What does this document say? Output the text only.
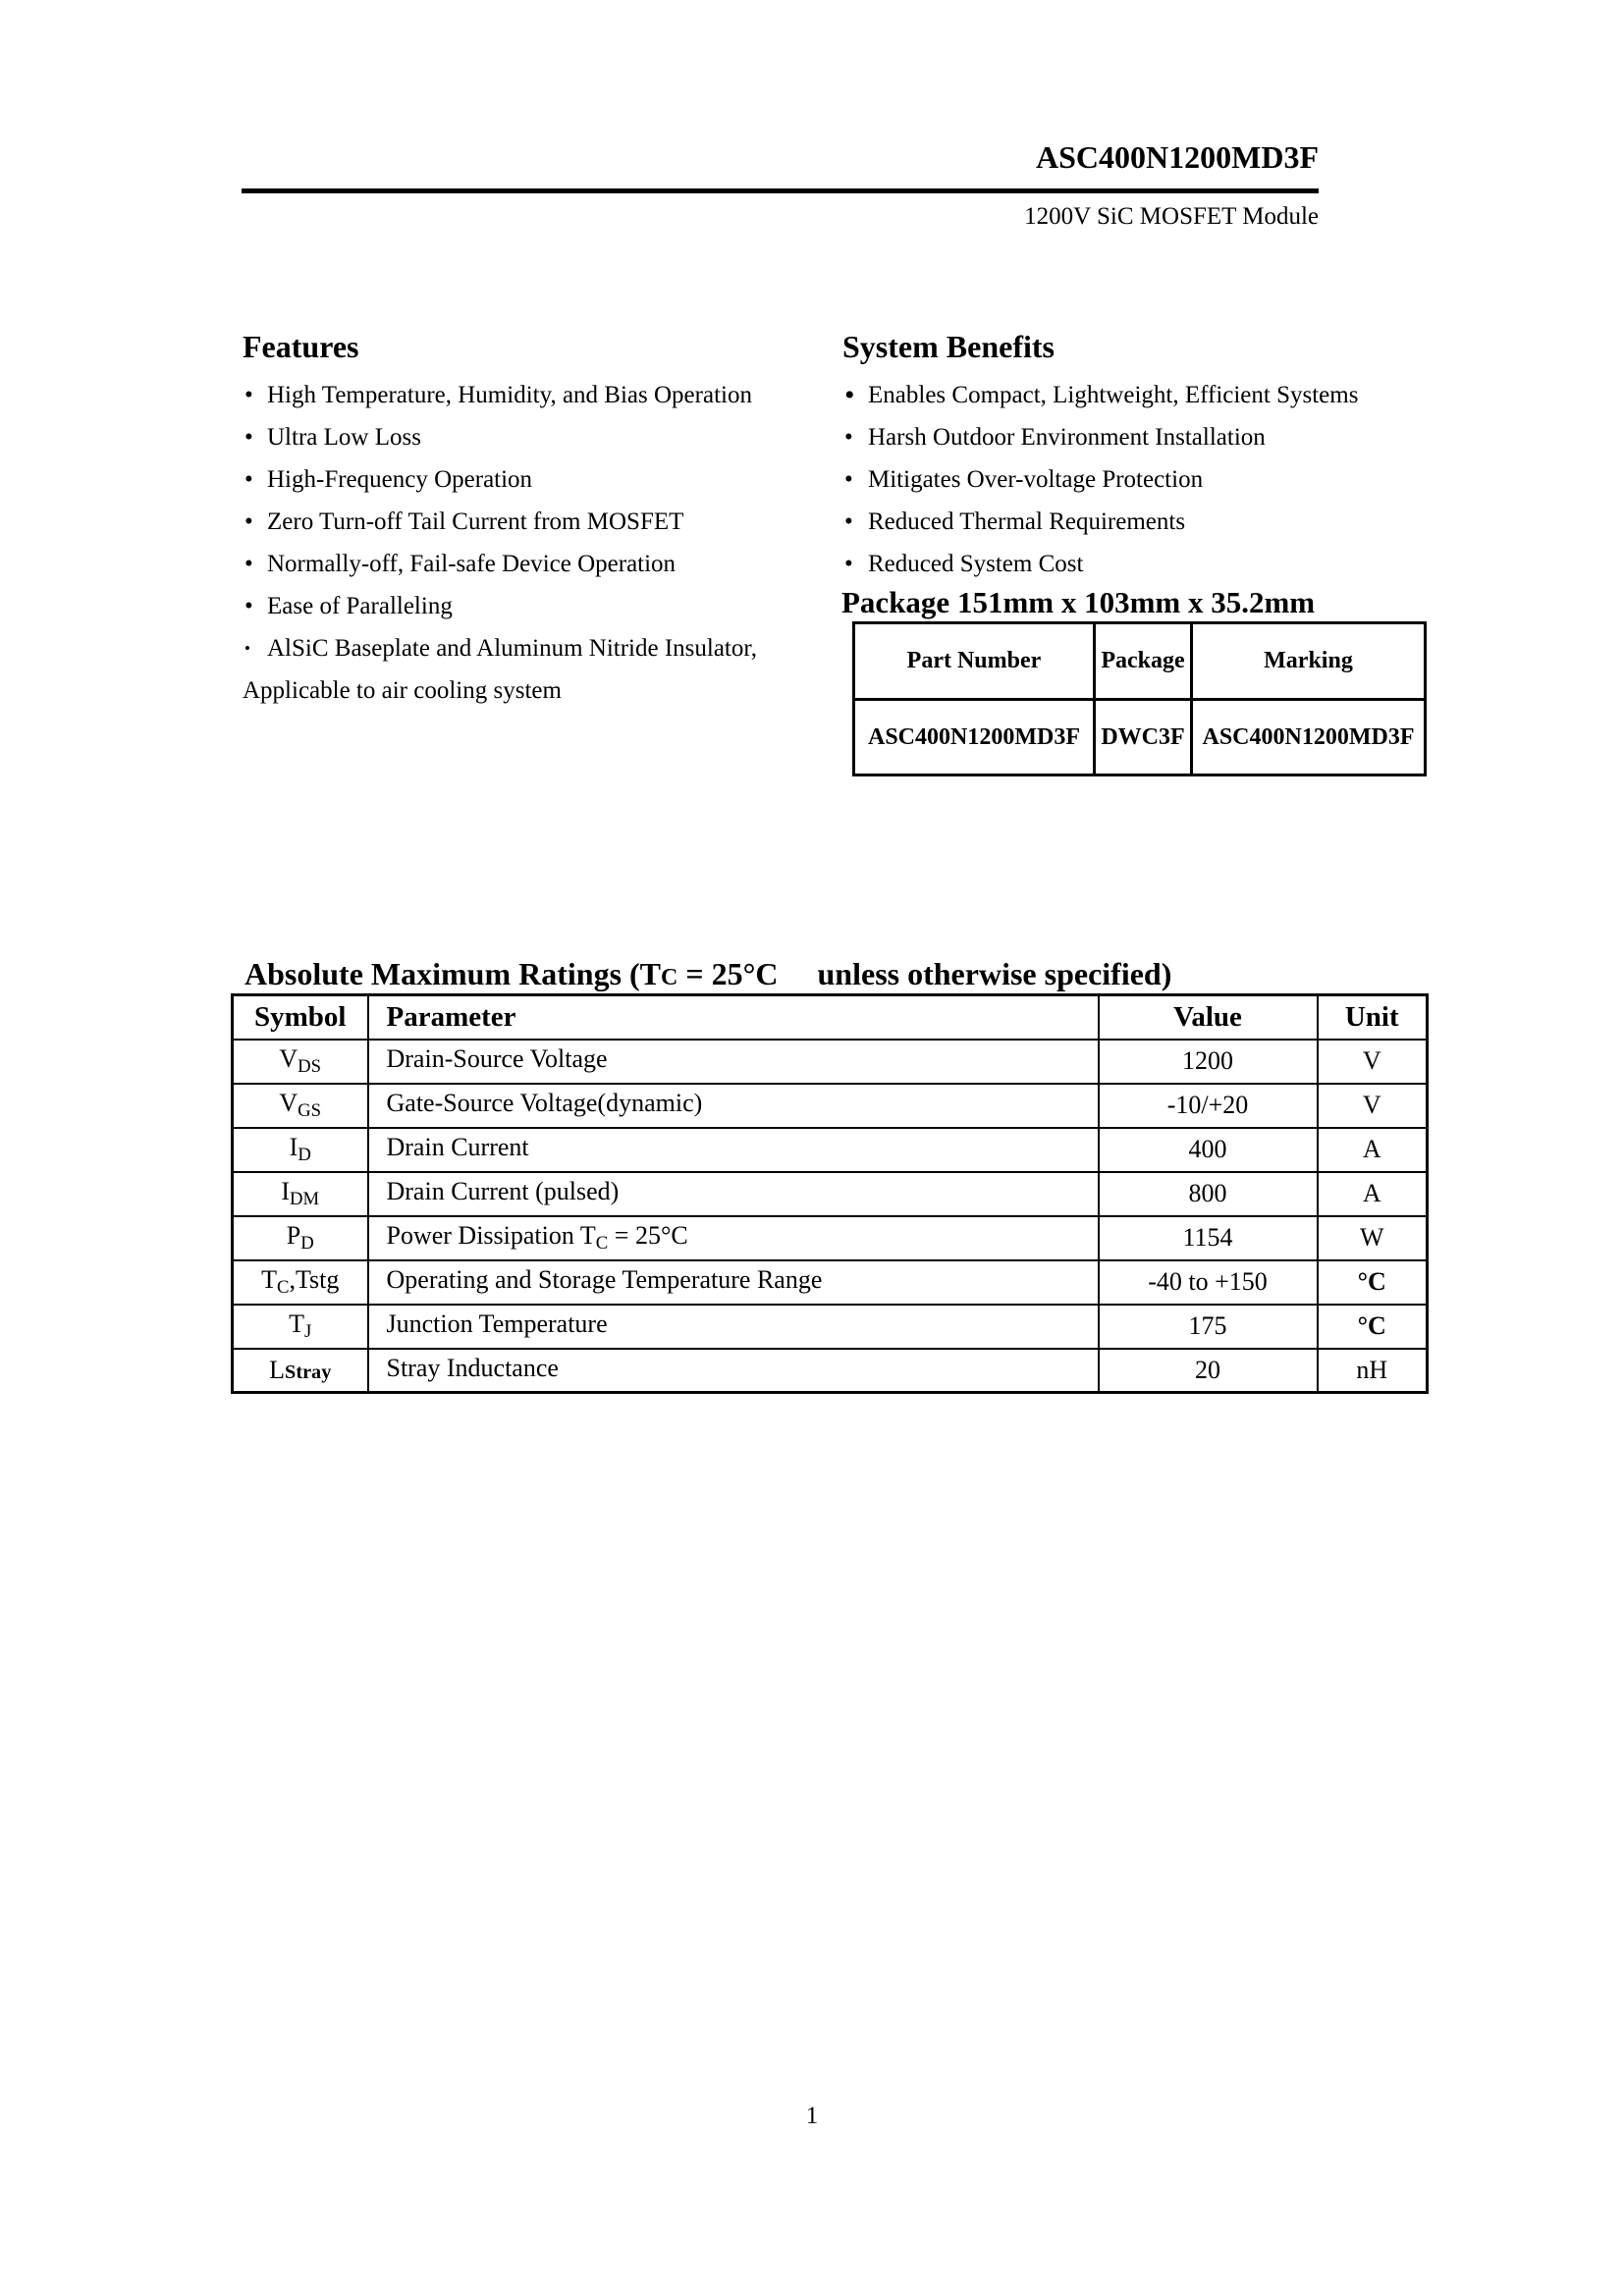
ASC400N1200MD3F
1200V SiC MOSFET Module
Features
• High Temperature, Humidity, and Bias Operation
• Ultra Low Loss
• High-Frequency Operation
• Zero Turn-off Tail Current from MOSFET
• Normally-off, Fail-safe Device Operation
• Ease of Paralleling
• AlSiC Baseplate and Aluminum Nitride Insulator,
Applicable to air cooling system
System Benefits
• Enables Compact, Lightweight, Efficient Systems
• Harsh Outdoor Environment Installation
• Mitigates Over-voltage Protection
• Reduced Thermal Requirements
• Reduced System Cost
Package 151mm x 103mm x 35.2mm
Part Number	Package	Marking
ASC400N1200MD3F	DWC3F	ASC400N1200MD3F
Absolute Maximum Ratings (TC = 25°C unless otherwise specified)
Symbol	Parameter	Value	Unit
$V_{DS}$	Drain-Source Voltage	1200	V
$V_{GS}$	Gate-Source Voltage(dynamic)	-10/+20	V
$I_D$	Drain Current	400	A
$I_{DM}$	Drain Current (pulsed)	800	A
$P_D$	Power Dissipation $T_C = 25^\circ C$	1154	W
$T_C,Tstg$	Operating and Storage Temperature Range	-40 to +150	°C
$T_J$	Junction Temperature	175	°C
LStray	Stray Inductance	20	nH
1
